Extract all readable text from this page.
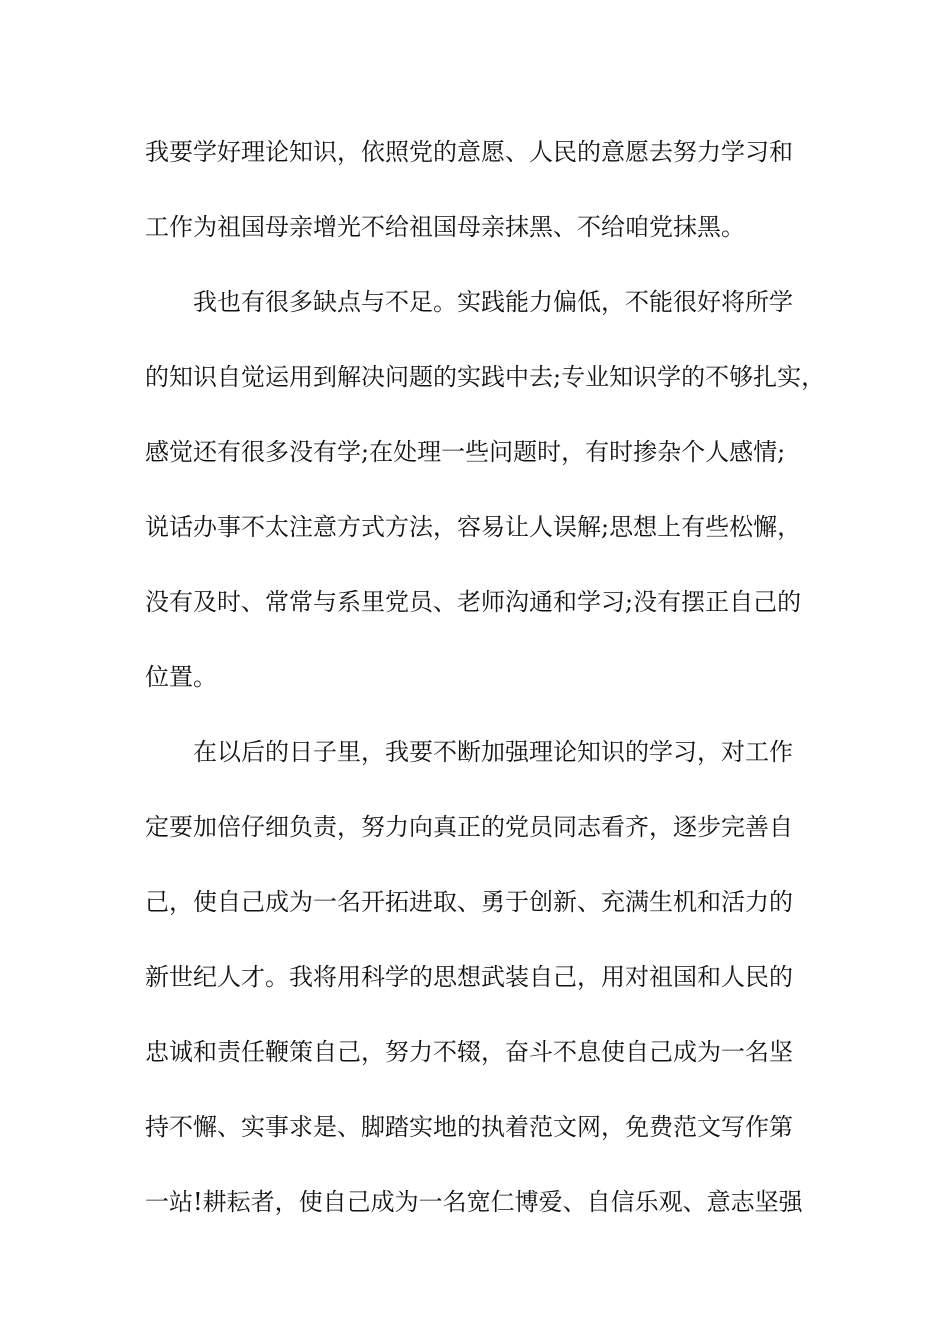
我要学好理论知识，依照党的意愿、人民的意愿去努力学习和
工作为祖国母亲增光不给祖国母亲抹黑、不给咱党抹黑。
我也有很多缺点与不足。实践能力偏低，不能很好将所学
的知识自觉运用到解决问题的实践中去;专业知识学的不够扎实，
感觉还有很多没有学;在处理一些问题时，有时掺杂个人感情;
说话办事不太注意方式方法，容易让人误解;思想上有些松懈，
没有及时、常常与系里党员、老师沟通和学习;没有摆正自己的
位置。
在以后的日子里，我要不断加强理论知识的学习，对工作
定要加倍仔细负责，努力向真正的党员同志看齐，逐步完善自
己，使自己成为一名开拓进取、勇于创新、充满生机和活力的
新世纪人才。我将用科学的思想武装自己，用对祖国和人民的
忠诚和责任鞭策自己，努力不辍，奋斗不息使自己成为一名坚
持不懈、实事求是、脚踏实地的执着范文网，免费范文写作第
一站!耕耘者，使自己成为一名宽仁博爱、自信乐观、意志坚强
